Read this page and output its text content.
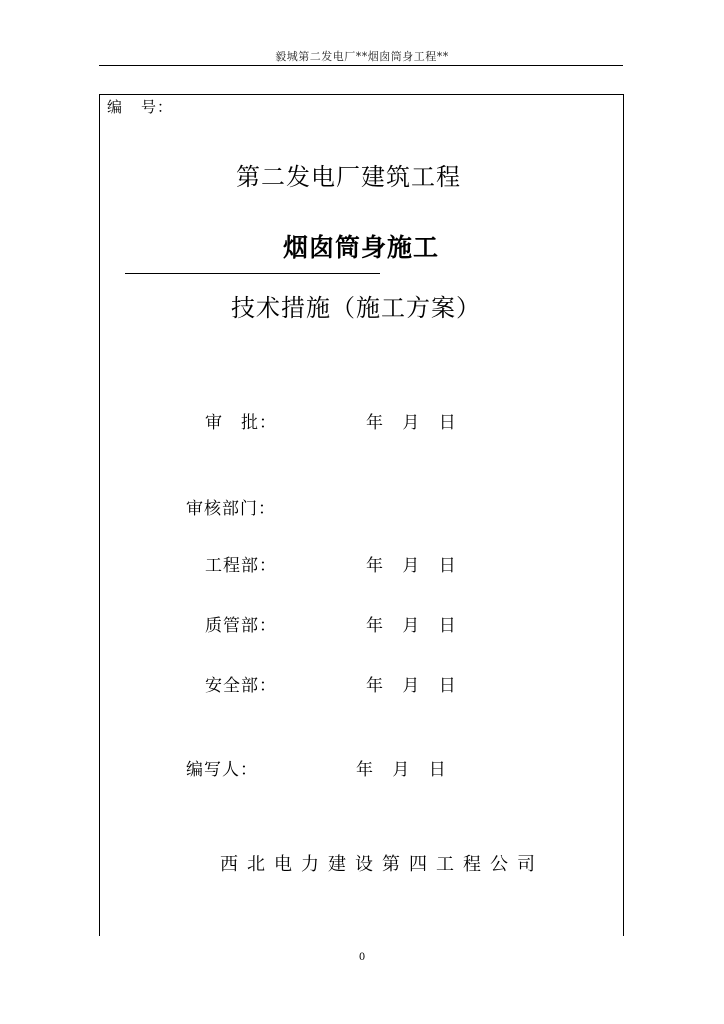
毅城第二发电厂**烟囱筒身工程**
编 号：
第二发电厂建筑工程
烟囱筒身施工
技术措施（施工方案）
审　批：	年 月 日
审核部门：
工程部：	年 月 日
质管部：	年 月 日
安全部：	年 月 日
编写人：	年 月 日
西北电力建设第四工程公司
0
